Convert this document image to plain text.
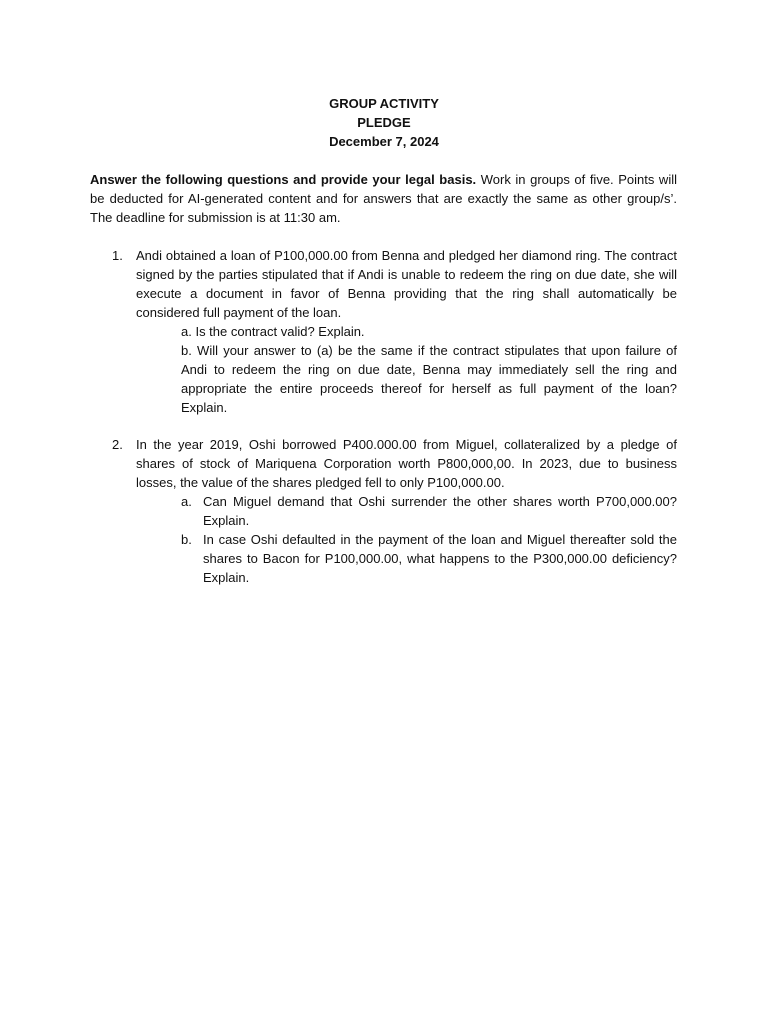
GROUP ACTIVITY
PLEDGE
December 7, 2024
Answer the following questions and provide your legal basis. Work in groups of five. Points will be deducted for AI-generated content and for answers that are exactly the same as other group/s’. The deadline for submission is at 11:30 am.
1. Andi obtained a loan of P100,000.00 from Benna and pledged her diamond ring. The contract signed by the parties stipulated that if Andi is unable to redeem the ring on due date, she will execute a document in favor of Benna providing that the ring shall automatically be considered full payment of the loan.
a. Is the contract valid? Explain.
b. Will your answer to (a) be the same if the contract stipulates that upon failure of Andi to redeem the ring on due date, Benna may immediately sell the ring and appropriate the entire proceeds thereof for herself as full payment of the loan? Explain.
2. In the year 2019, Oshi borrowed P400.000.00 from Miguel, collateralized by a pledge of shares of stock of Mariquena Corporation worth P800,000,00. In 2023, due to business losses, the value of the shares pledged fell to only P100,000.00.
a. Can Miguel demand that Oshi surrender the other shares worth P700,000.00? Explain.
b. In case Oshi defaulted in the payment of the loan and Miguel thereafter sold the shares to Bacon for P100,000.00, what happens to the P300,000.00 deficiency? Explain.
